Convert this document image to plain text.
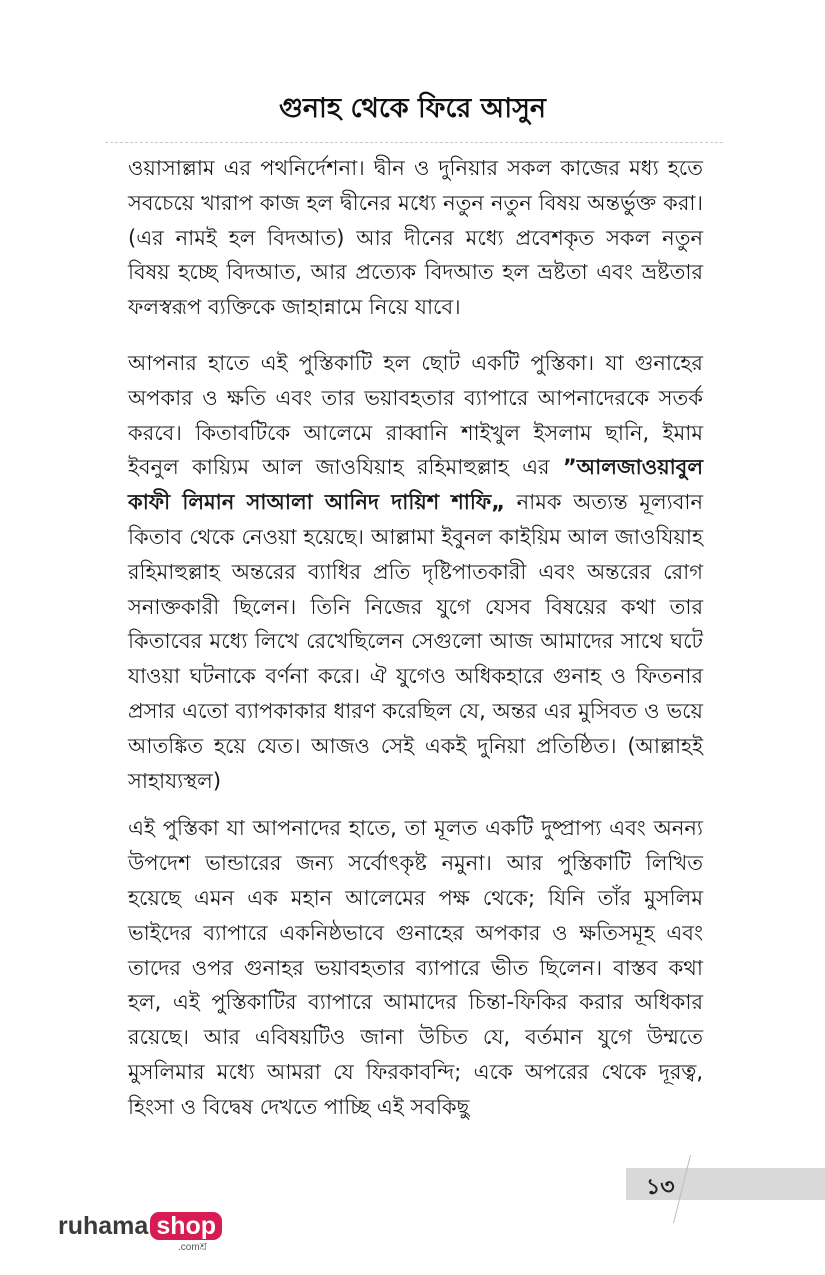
গুনাহ থেকে ফিরে আসুন

ওয়াসাল্লাম এর পথনির্দেশনা। দ্বীন ও দুনিয়ার সকল কাজের মধ্য হতে সবচেয়ে খারাপ কাজ হল দ্বীনের মধ্যে নতুন নতুন বিষয় অন্তর্ভুক্ত করা। (এর নামই হল বিদআত) আর দীনের মধ্যে প্রবেশকৃত সকল নতুন বিষয় হচ্ছে বিদআত, আর প্রত্যেক বিদআত হল ভ্রষ্টতা এবং ভ্রষ্টতার ফলস্বরূপ ব্যক্তিকে জাহান্নামে নিয়ে যাবে।

আপনার হাতে এই পুস্তিকাটি হল ছোট একটি পুস্তিকা। যা গুনাহের অপকার ও ক্ষতি এবং তার ভয়াবহতার ব্যাপারে আপনাদেরকে সতর্ক করবে। কিতাবটিকে আলেমে রাব্বানি শাইখুল ইসলাম ছানি, ইমাম ইবনুল কায়্যিম আল জাওযিয়াহ রহিমাহুল্লাহ এর ”আলজাওয়াবুল কাফী লিমান সাআলা আনিদ দায়িশ শাফি„ নামক অত্যন্ত মূল্যবান কিতাব থেকে নেওয়া হয়েছে। আল্লামা ইবুনল কাইয়িম আল জাওযিয়াহ রহিমাহুল্লাহ অন্তরের ব্যাধির প্রতি দৃষ্টিপাতকারী এবং অন্তরের রোগ সনাক্তকারী ছিলেন। তিনি নিজের যুগে যেসব বিষয়ের কথা তার কিতাবের মধ্যে লিখে রেখেছিলেন সেগুলো আজ আমাদের সাথে ঘটে যাওয়া ঘটনাকে বর্ণনা করে। ঐ যুগেও অধিকহারে গুনাহ ও ফিতনার প্রসার এতো ব্যাপকাকার ধারণ করেছিল যে, অন্তর এর মুসিবত ও ভয়ে আতঙ্কিত হয়ে যেত। আজও সেই একই দুনিয়া প্রতিষ্ঠিত। (আল্লাহই সাহায্যস্থল)

এই পুস্তিকা যা আপনাদের হাতে, তা মূলত একটি দুষ্প্রাপ্য এবং অনন্য উপদেশ ভান্ডারের জন্য সর্বোৎকৃষ্ট নমুনা। আর পুস্তিকাটি লিখিত হয়েছে এমন এক মহান আলেমের পক্ষ থেকে; যিনি তাঁর মুসলিম ভাইদের ব্যাপারে একনিষ্ঠভাবে গুনাহের অপকার ও ক্ষতিসমূহ এবং তাদের ওপর গুনাহর ভয়াবহতার ব্যাপারে ভীত ছিলেন। বাস্তব কথা হল, এই পুস্তিকাটির ব্যাপারে আমাদের চিন্তা-ফিকির করার অধিকার রয়েছে। আর এবিষয়টিও জানা উচিত যে, বর্তমান যুগে উম্মতে মুসলিমার মধ্যে আমরা যে ফিরকাবন্দি; একে অপরের থেকে দূরত্ব, হিংসা ও বিদ্বেষ দেখতে পাচ্ছি এই সবকিছু

১৩
ruhama shop
.comশ্র
